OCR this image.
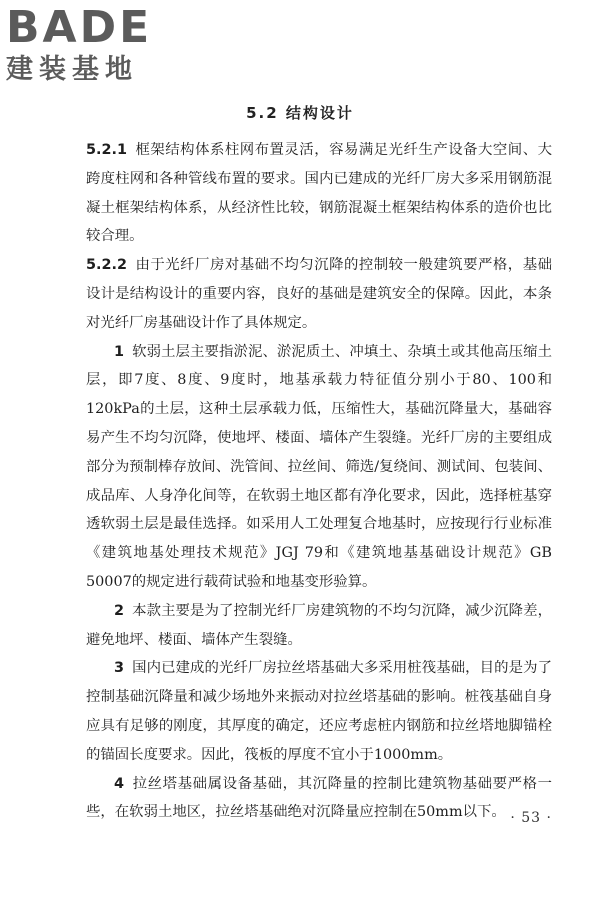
BADE
建装基地
5.2 结构设计

5.2.1 框架结构体系柱网布置灵活，容易满足光纤生产设备大空间、大跨度柱网和各种管线布置的要求。国内已建成的光纤厂房大多采用钢筋混凝土框架结构体系，从经济性比较，钢筋混凝土框架结构体系的造价也比较合理。

5.2.2 由于光纤厂房对基础不均匀沉降的控制较一般建筑要严格，基础设计是结构设计的重要内容，良好的基础是建筑安全的保障。因此，本条对光纤厂房基础设计作了具体规定。

1 软弱土层主要指淤泥、淤泥质土、冲填土、杂填土或其他高压缩土层，即7度、8度、9度时，地基承载力特征值分别小于80、100和120kPa的土层，这种土层承载力低，压缩性大，基础沉降量大，基础容易产生不均匀沉降，使地坪、楼面、墙体产生裂缝。光纤厂房的主要组成部分为预制棒存放间、洗管间、拉丝间、筛选/复绕间、测试间、包装间、成品库、人身净化间等，在软弱土地区都有净化要求，因此，选择桩基穿透软弱土层是最佳选择。如采用人工处理复合地基时，应按现行行业标准《建筑地基处理技术规范》JGJ 79和《建筑地基基础设计规范》GB 50007的规定进行载荷试验和地基变形验算。

2 本款主要是为了控制光纤厂房建筑物的不均匀沉降，减少沉降差，避免地坪、楼面、墙体产生裂缝。

3 国内已建成的光纤厂房拉丝塔基础大多采用桩筏基础，目的是为了控制基础沉降量和减少场地外来振动对拉丝塔基础的影响。桩筏基础自身应具有足够的刚度，其厚度的确定，还应考虑桩内钢筋和拉丝塔地脚锚栓的锚固长度要求。因此，筏板的厚度不宜小于1000mm。

4 拉丝塔基础属设备基础，其沉降量的控制比建筑物基础要严格一些，在软弱土地区，拉丝塔基础绝对沉降量应控制在50mm以下。 · 53 ·
